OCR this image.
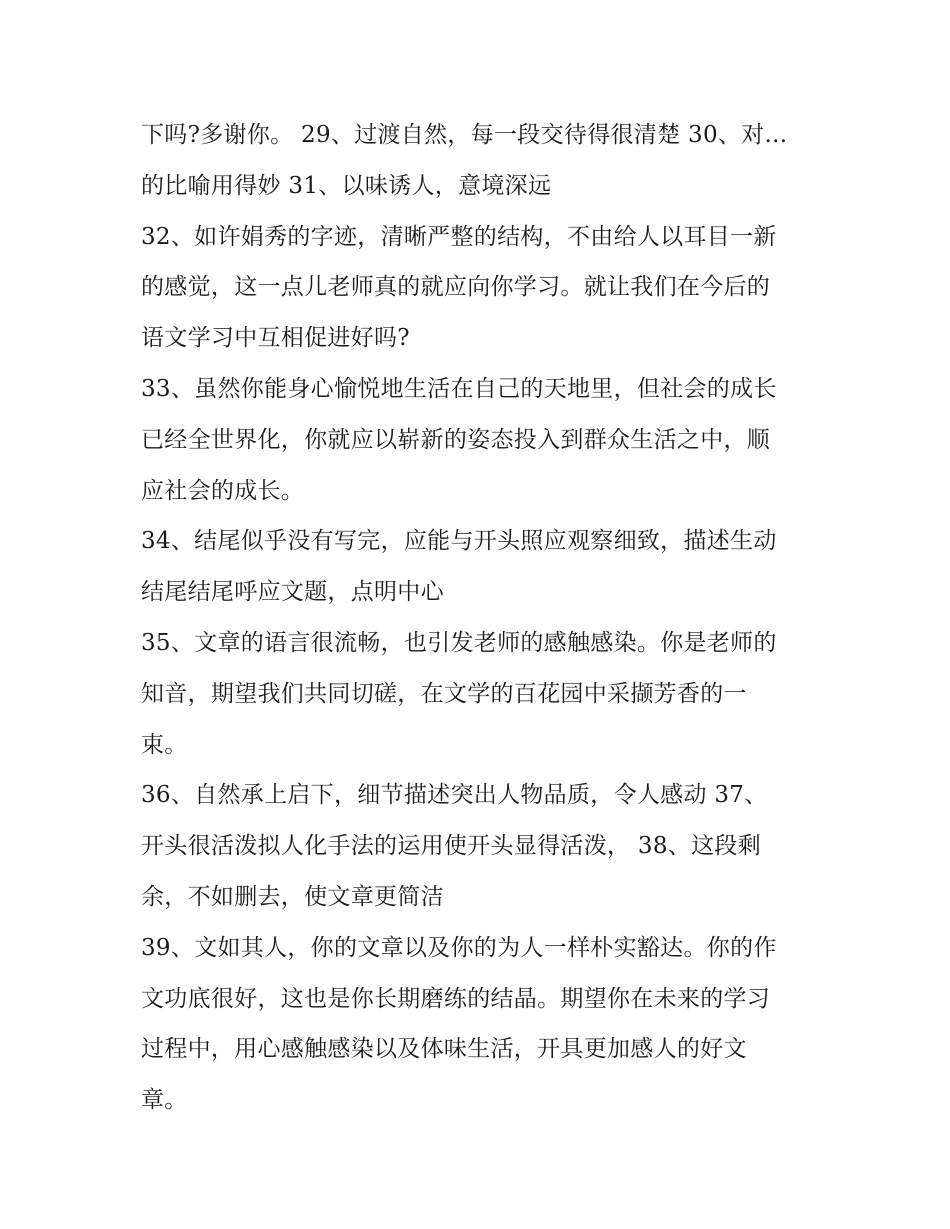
下吗?多谢你。 29、过渡自然，每一段交待得很清楚 30、对...
的比喻用得妙 31、以味诱人，意境深远
32、如许娟秀的字迹，清晰严整的结构，不由给人以耳目一新
的感觉，这一点儿老师真的就应向你学习。就让我们在今后的
语文学习中互相促进好吗?
33、虽然你能身心愉悦地生活在自己的天地里，但社会的成长
已经全世界化，你就应以崭新的姿态投入到群众生活之中，顺
应社会的成长。
34、结尾似乎没有写完，应能与开头照应观察细致，描述生动
结尾结尾呼应文题，点明中心
35、文章的语言很流畅，也引发老师的感触感染。你是老师的
知音，期望我们共同切磋，在文学的百花园中采撷芳香的一
束。
36、自然承上启下，细节描述突出人物品质，令人感动 37、
开头很活泼拟人化手法的运用使开头显得活泼， 38、这段剩
余，不如删去，使文章更简洁
39、文如其人，你的文章以及你的为人一样朴实豁达。你的作
文功底很好，这也是你长期磨练的结晶。期望你在未来的学习
过程中，用心感触感染以及体味生活，开具更加感人的好文
章。
